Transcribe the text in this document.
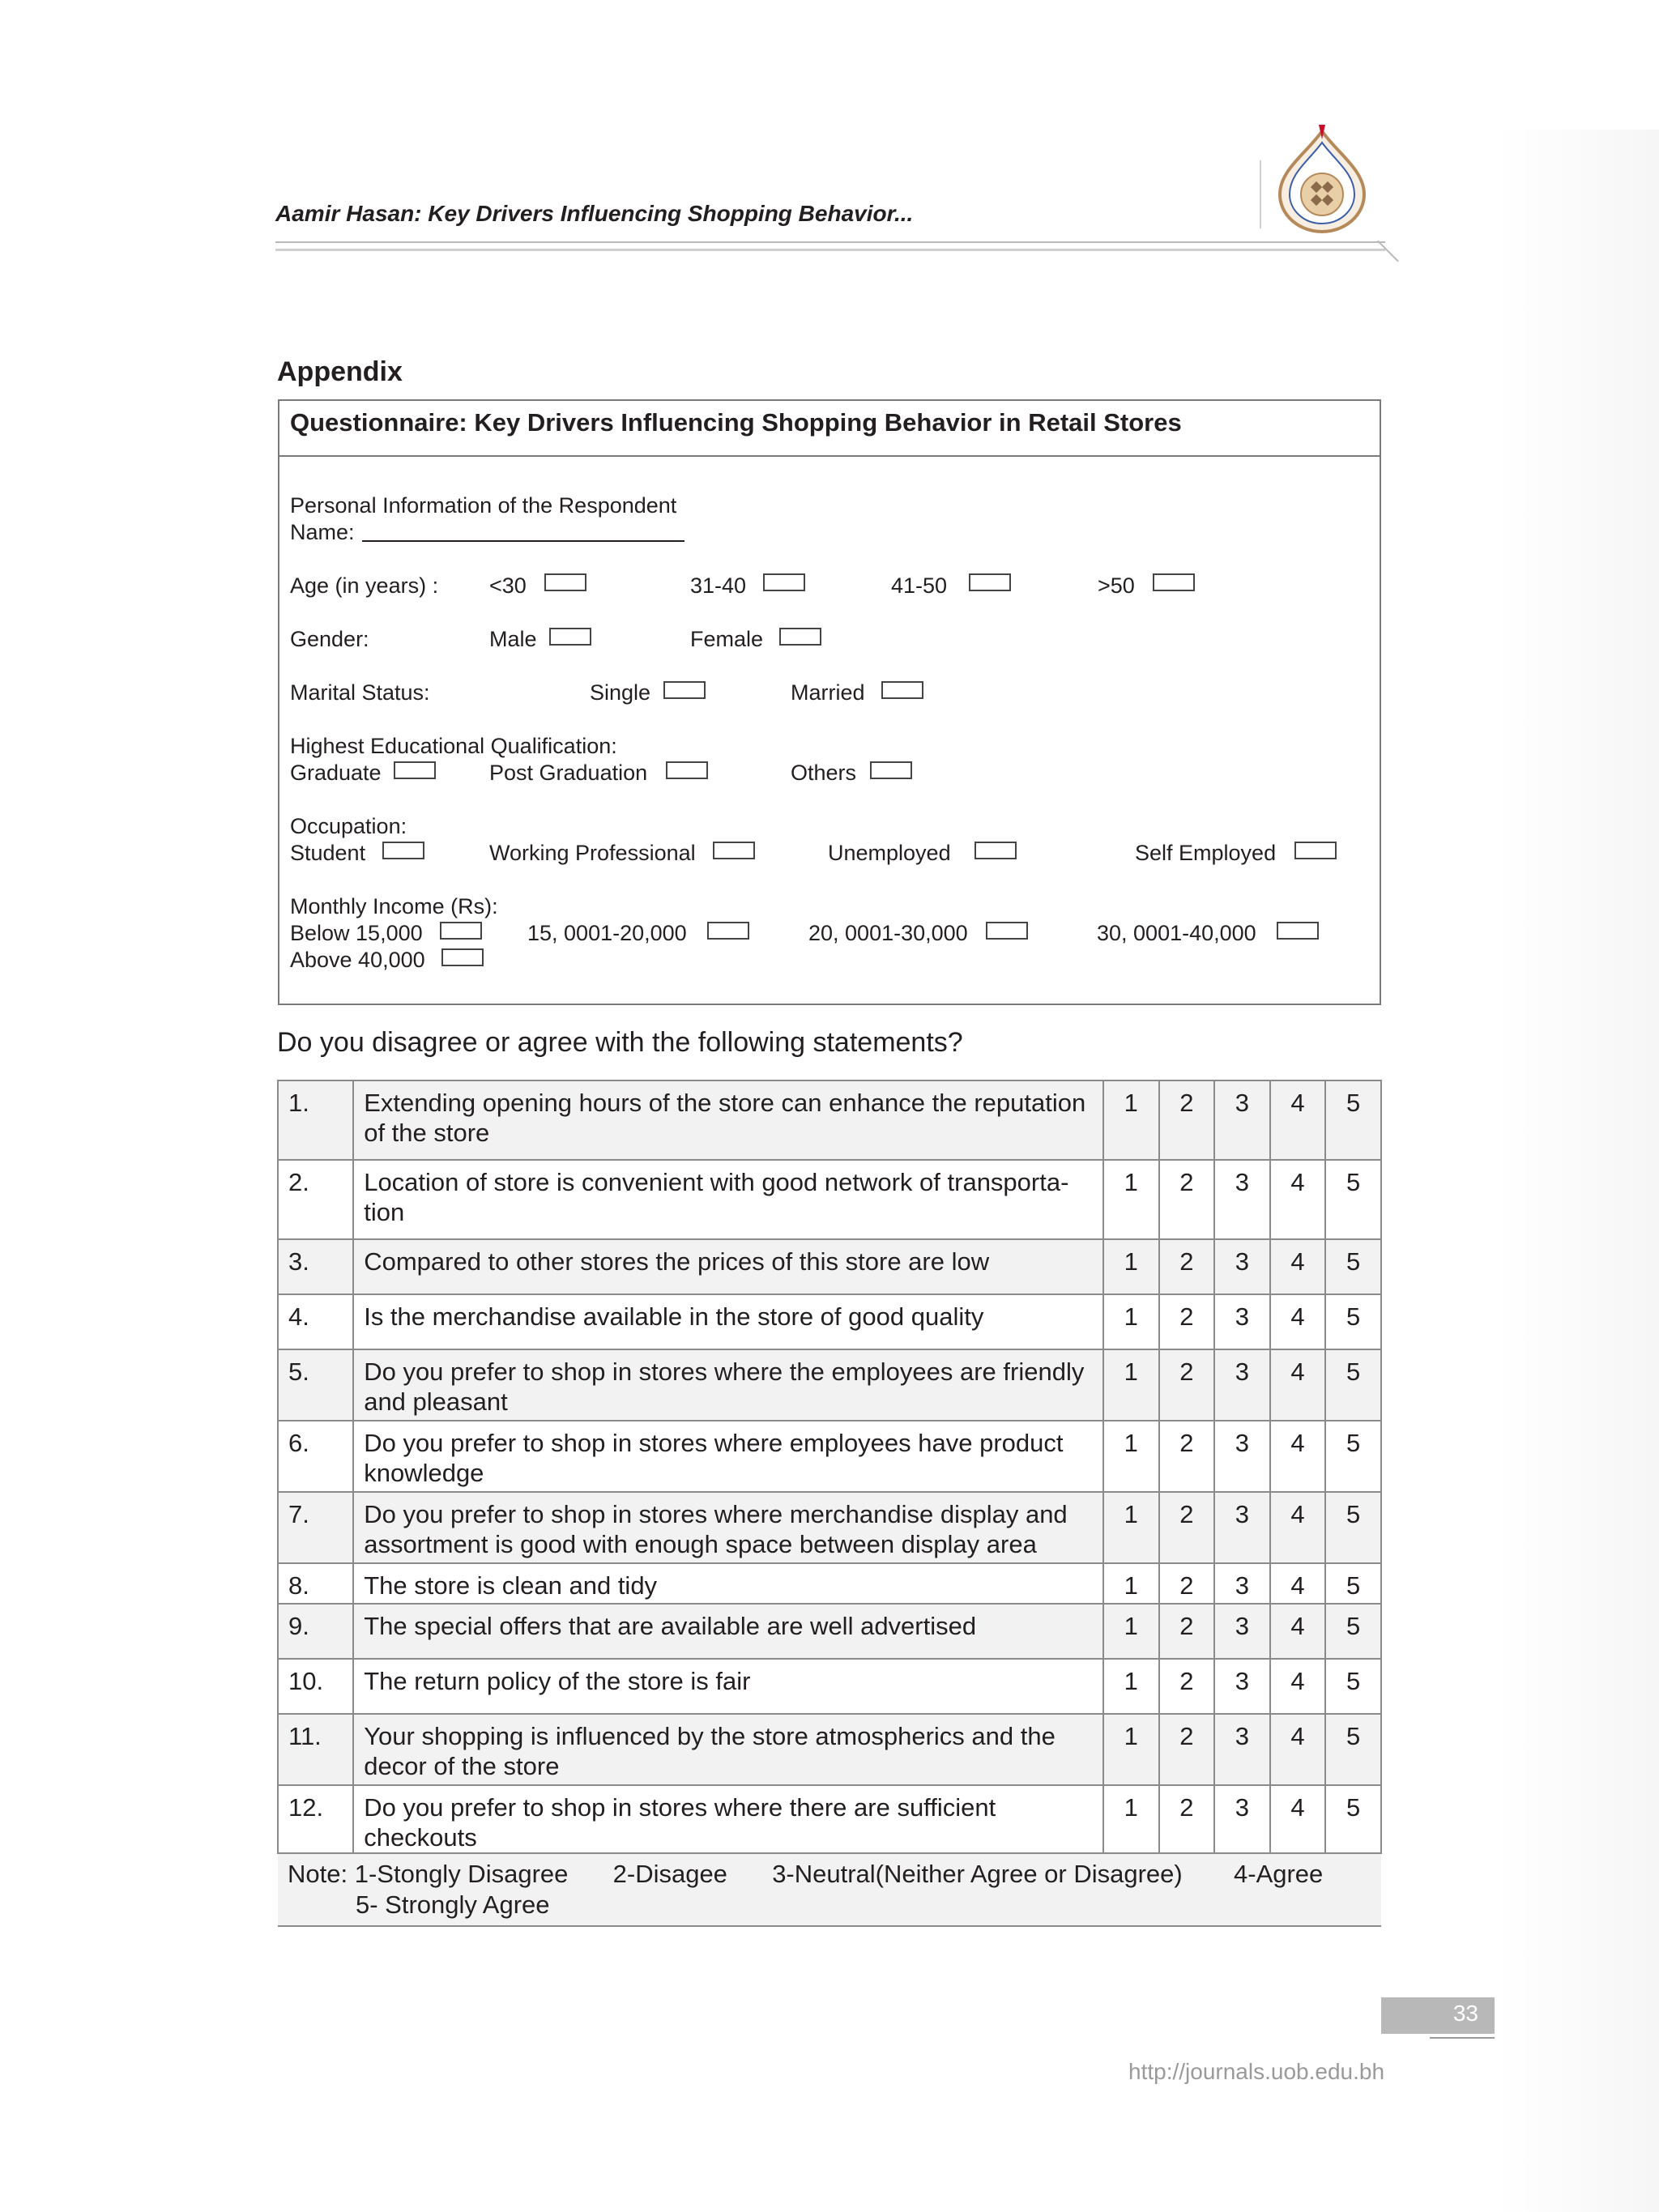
Aamir Hasan: Key Drivers Influencing Shopping Behavior...
Appendix
Questionnaire: Key Drivers Influencing Shopping Behavior in Retail Stores
Personal Information of the Respondent
Name:
Age (in years) : <30	31-40	41-50	>50
Gender:	Male	Female
Marital Status:	Single	Married
Highest Educational Qualification:
Graduate	Post Graduation	Others
Occupation:
Student	Working Professional	Unemployed	Self Employed
Monthly Income (Rs):
Below 15,000	15, 0001-20,000	20, 0001-30,000	30, 0001-40,000
Above 40,000
Do you disagree or agree with the following statements?
1.	Extending opening hours of the store can enhance the reputation of the store	1	2	3	4	5
2.	Location of store is convenient with good network of transporta-tion	1	2	3	4	5
3.	Compared to other stores the prices of this store are low	1	2	3	4	5
4.	Is the merchandise available in the store of good quality	1	2	3	4	5
5.	Do you prefer to shop in stores where the employees are friendly and pleasant	1	2	3	4	5
6.	Do you prefer to shop in stores where employees have product knowledge	1	2	3	4	5
7.	Do you prefer to shop in stores where merchandise display and assortment is good with enough space between display area	1	2	3	4	5
8.	The store is clean and tidy	1	2	3	4	5
9.	The special offers that are available are well advertised	1	2	3	4	5
10.	The return policy of the store is fair	1	2	3	4	5
11.	Your shopping is influenced by the store atmospherics and the decor of the store	1	2	3	4	5
12.	Do you prefer to shop in stores where there are sufficient checkouts	1	2	3	4	5

Note: 1-Stongly Disagree 2-Disagee 3-Neutral(Neither Agree or Disagree) 4-Agree
5- Strongly Agree						
33
http://journals.uob.edu.bh
